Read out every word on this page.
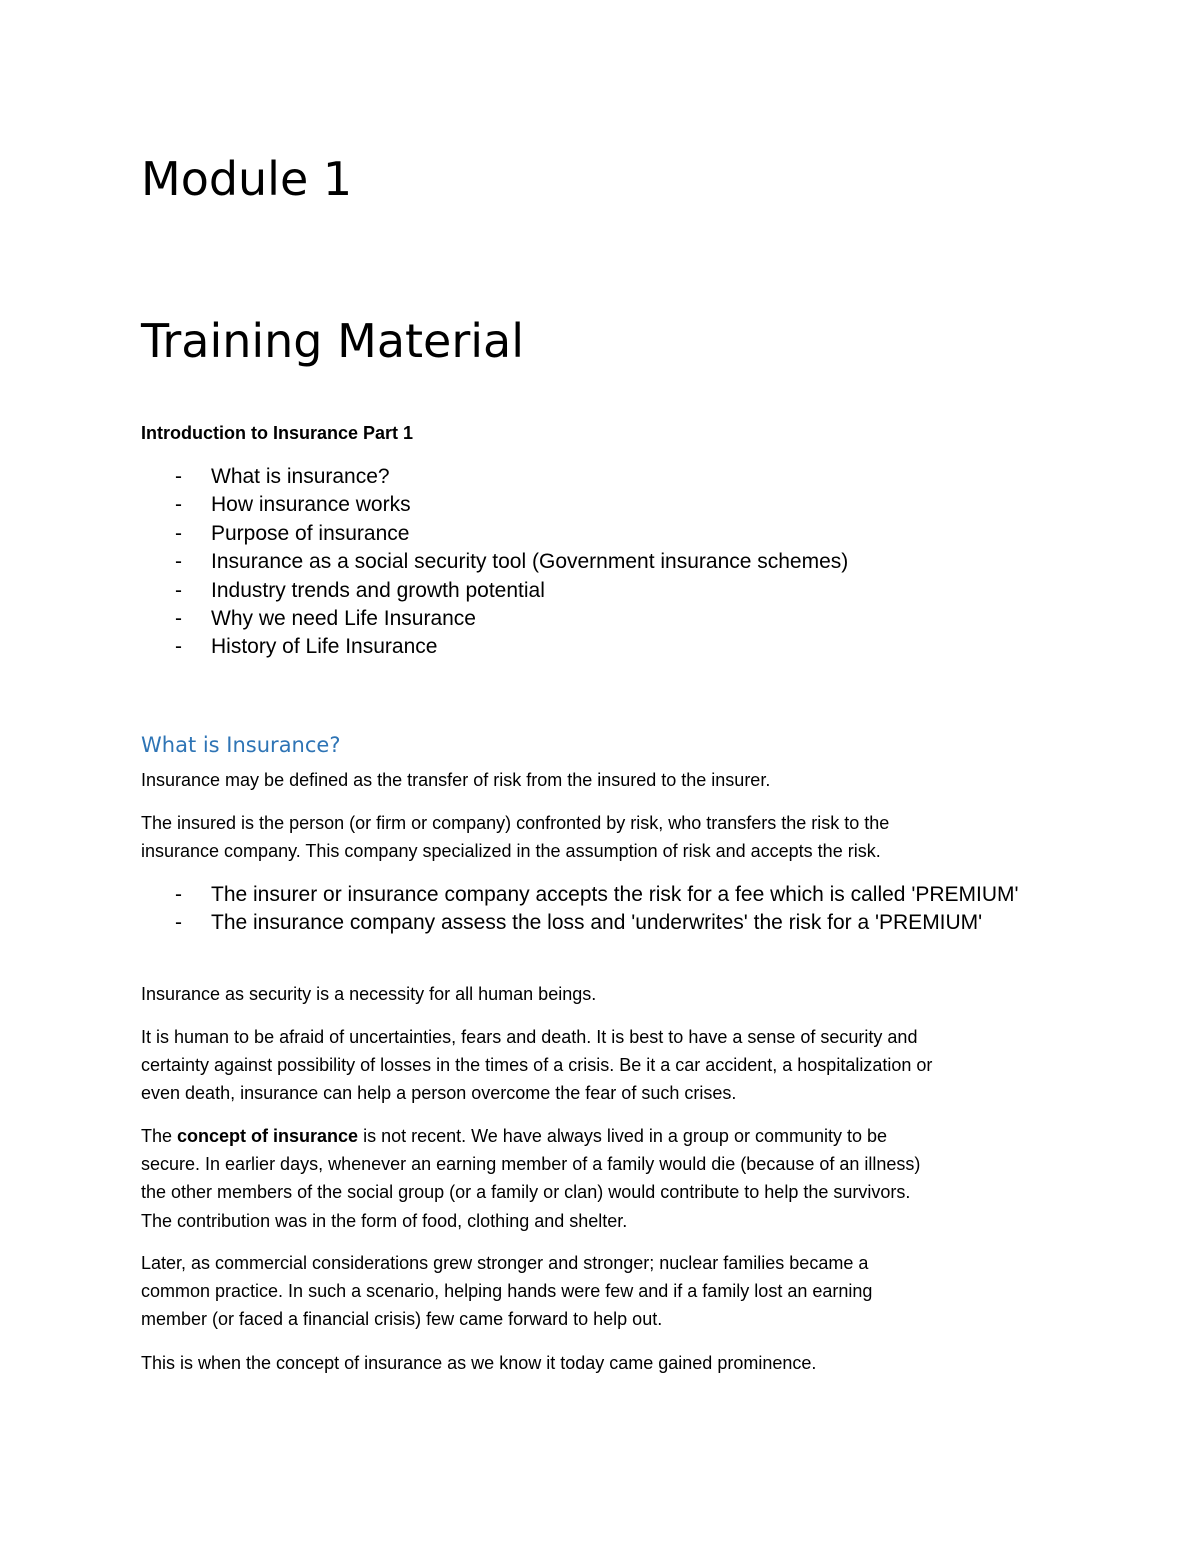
Module 1
Training Material

Introduction to Insurance Part 1

- What is insurance?
- How insurance works
- Purpose of insurance
- Insurance as a social security tool (Government insurance schemes)
- Industry trends and growth potential
- Why we need Life Insurance
- History of Life Insurance
What is Insurance?

Insurance may be defined as the transfer of risk from the insured to the insurer.

The insured is the person (or firm or company) confronted by risk, who transfers the risk to the
insurance company. This company specialized in the assumption of risk and accepts the risk.

- The insurer or insurance company accepts the risk for a fee which is called 'PREMIUM'
- The insurance company assess the loss and 'underwrites' the risk for a 'PREMIUM'

Insurance as security is a necessity for all human beings.

It is human to be afraid of uncertainties, fears and death. It is best to have a sense of security and
certainty against possibility of losses in the times of a crisis. Be it a car accident, a hospitalization or
even death, insurance can help a person overcome the fear of such crises.

The concept of insurance is not recent. We have always lived in a group or community to be
secure. In earlier days, whenever an earning member of a family would die (because of an illness)
the other members of the social group (or a family or clan) would contribute to help the survivors.
The contribution was in the form of food, clothing and shelter.

Later, as commercial considerations grew stronger and stronger; nuclear families became a
common practice. In such a scenario, helping hands were few and if a family lost an earning
member (or faced a financial crisis) few came forward to help out.

This is when the concept of insurance as we know it today came gained prominence.
